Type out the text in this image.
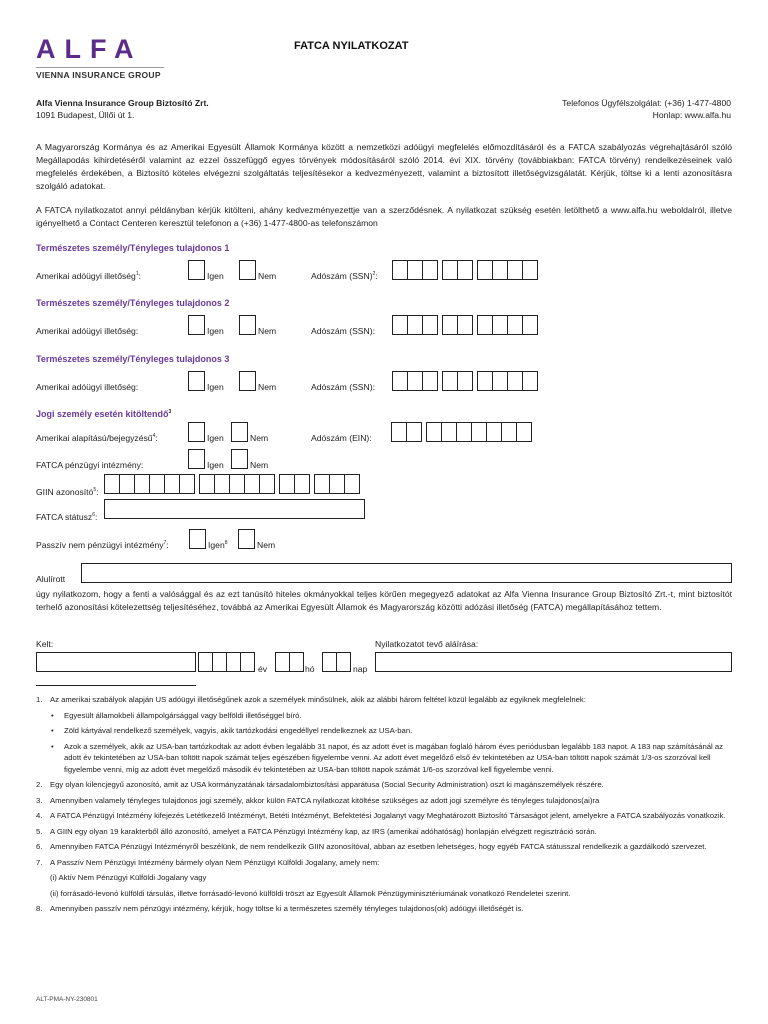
ALFA
VIENNA INSURANCE GROUP
FATCA NYILATKOZAT
Alfa Vienna Insurance Group Biztosító Zrt.
1091 Budapest, Üllői út 1.
Telefonos Ügyfélszolgálat: (+36) 1-477-4800
Honlap: www.alfa.hu
A Magyarország Kormánya és az Amerikai Egyesült Államok Kormánya között a nemzetközi adóügyi megfelelés előmozdításáról és a FATCA szabályozás végrehajtásáról szóló Megállapodás kihirdetéséről valamint az ezzel összefüggő egyes törvények módosításáról szóló 2014. évi XIX. törvény (továbbiakban: FATCA törvény) rendelkezéseinek való megfelelés érdekében, a Biztosító köteles elvégezni szolgáltatás teljesítésekor a kedvezményezett, valamint a biztosított illetőségvizsgálatát. Kérjük, töltse ki a lenti azonosításra szolgáló adatokat.
A FATCA nyilatkozatot annyi példányban kérjük kitölteni, ahány kedvezményezettje van a szerződésnek. A nyilatkozat szükség esetén letölthető a www.alfa.hu weboldalról, illetve igényelhető a Contact Centeren keresztül telefonon a (+36) 1-477-4800-as telefonszámon
Természetes személy/Tényleges tulajdonos 1
Amerikai adóügyi illetőség$^1$:	Igen	Nem	Adószám (SSN)$^2$:
Természetes személy/Tényleges tulajdonos 2
Amerikai adóügyi illetőség:	Igen	Nem	Adószám (SSN):
Természetes személy/Tényleges tulajdonos 3
Amerikai adóügyi illetőség:	Igen	Nem	Adószám (SSN):
Jogi személy esetén kitöltendő$^3$
Amerikai alapítású/bejegyzésű$^4$:	Igen	Nem	Adószám (EIN):
FATCA pénzügyi intézmény:	Igen	Nem
GIIN azonosító$^5$:
FATCA státusz$^6$:
Passzív nem pénzügyi intézmény$^7$:	Igen$^8$	Nem
Alulírott
úgy nyilatkozom, hogy a fenti a valósággal és az ezt tanúsító hiteles okmányokkal teljes körűen megegyező adatokat az Alfa Vienna Insurance Group Biztosító Zrt.-t, mint biztosítót terhelő azonosítási kötelezettség teljesítéséhez, továbbá az Amerikai Egyesült Államok és Magyarország közötti adózási illetőség (FATCA) megállapításához tettem.
Kelt:
év	hó	nap
Nyilatkozatot tevő aláírása:
1. Az amerikai szabályok alapján US adóügyi illetőségűnek azok a személyek minősülnek, akik az alábbi három feltétel közül legalább az egyiknek megfelelnek:
• Egyesült államokbeli állampolgársággal vagy belföldi illetőséggel bíró.
• Zöld kártyával rendelkező személyek, vagyis, akik tartózkodási engedéllyel rendelkeznek az USA-ban.
• Azok a személyek, akik az USA-ban tartózkodtak az adott évben legalább 31 napot, és az adott évet is magában foglaló három éves periódusban legalább 183 napot. A 183 nap számításánál az adott év tekintetében az USA-ban töltött napok számát teljes egészében figyelembe venni. Az adott évet megelőző első év tekintetében az USA-ban töltött napok számát 1/3-os szorzóval kell figyelembe venni, míg az adott évet megelőző második év tekintetében az USA-ban töltött napok számát 1/6-os szorzóval kell figyelembe venni.
2. Egy olyan kilencjegyű azonosító, amit az USA kormányzatának társadalombiztosítási apparátusa (Social Security Administration) oszt ki magánszemélyek részére.
3. Amennyiben valamely tényleges tulajdonos jogi személy, akkor külön FATCA nyilatkozat kitöltése szükséges az adott jogi személyre és tényleges tulajdonos(ai)ra
4. A FATCA Pénzügyi Intézmény kifejezés Letétkezelő Intézményt, Betéti Intézményt, Befektetési Jogalanyt vagy Meghatározott Biztosító Társaságot jelent, amelyekre a FATCA szabályozás vonatkozik.
5. A GIIN egy olyan 19 karakterből álló azonosító, amelyet a FATCA Pénzügyi Intézmény kap, az IRS (amerikai adóhatóság) honlapján elvégzett regisztráció során.
6. Amennyiben FATCA Pénzügyi Intézményről beszélünk, de nem rendelkezik GIIN azonosítóval, abban az esetben lehetséges, hogy egyéb FATCA státusszal rendelkezik a gazdálkodó szervezet.
7. A Passzív Nem Pénzügyi Intézmény bármely olyan Nem Pénzügyi Külföldi Jogalany, amely nem:
(i) Aktív Nem Pénzügyi Külföldi Jogalany vagy
(ii) forrásadó-levonó külföldi társulás, illetve forrásadó-levonó külföldi tröszt az Egyesült Államok Pénzügyminisztériumának vonatkozó Rendeletei szerint.
8. Amennyiben passzív nem pénzügyi intézmény, kérjük, hogy töltse ki a természetes személy tényleges tulajdonos(ok) adóügyi illetőségét is.
ALT-PMA-NY-230801
